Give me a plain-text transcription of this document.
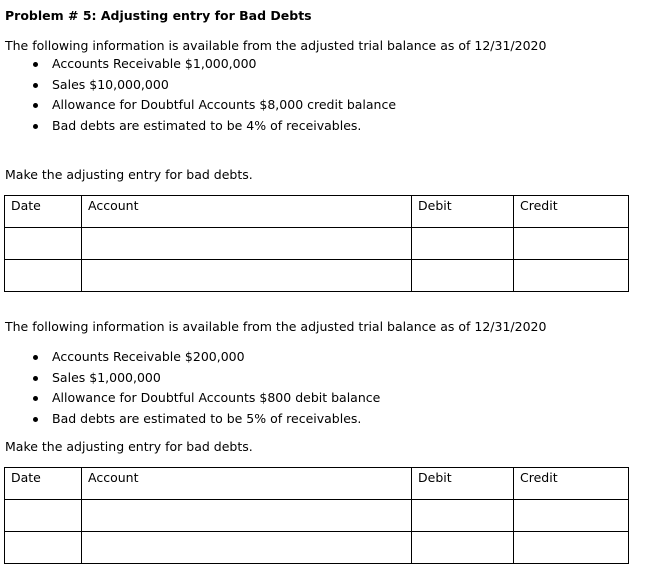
Problem # 5: Adjusting entry for Bad Debts
The following information is available from the adjusted trial balance as of 12/31/2020
Accounts Receivable $1,000,000
Sales $10,000,000
Allowance for Doubtful Accounts $8,000 credit balance
Bad debts are estimated to be 4% of receivables.
Make the adjusting entry for bad debts.
Date	Account	Debit	Credit

The following information is available from the adjusted trial balance as of 12/31/2020
Accounts Receivable $200,000
Sales $1,000,000
Allowance for Doubtful Accounts $800 debit balance
Bad debts are estimated to be 5% of receivables.
Make the adjusting entry for bad debts.
Date	Account	Debit	Credit
